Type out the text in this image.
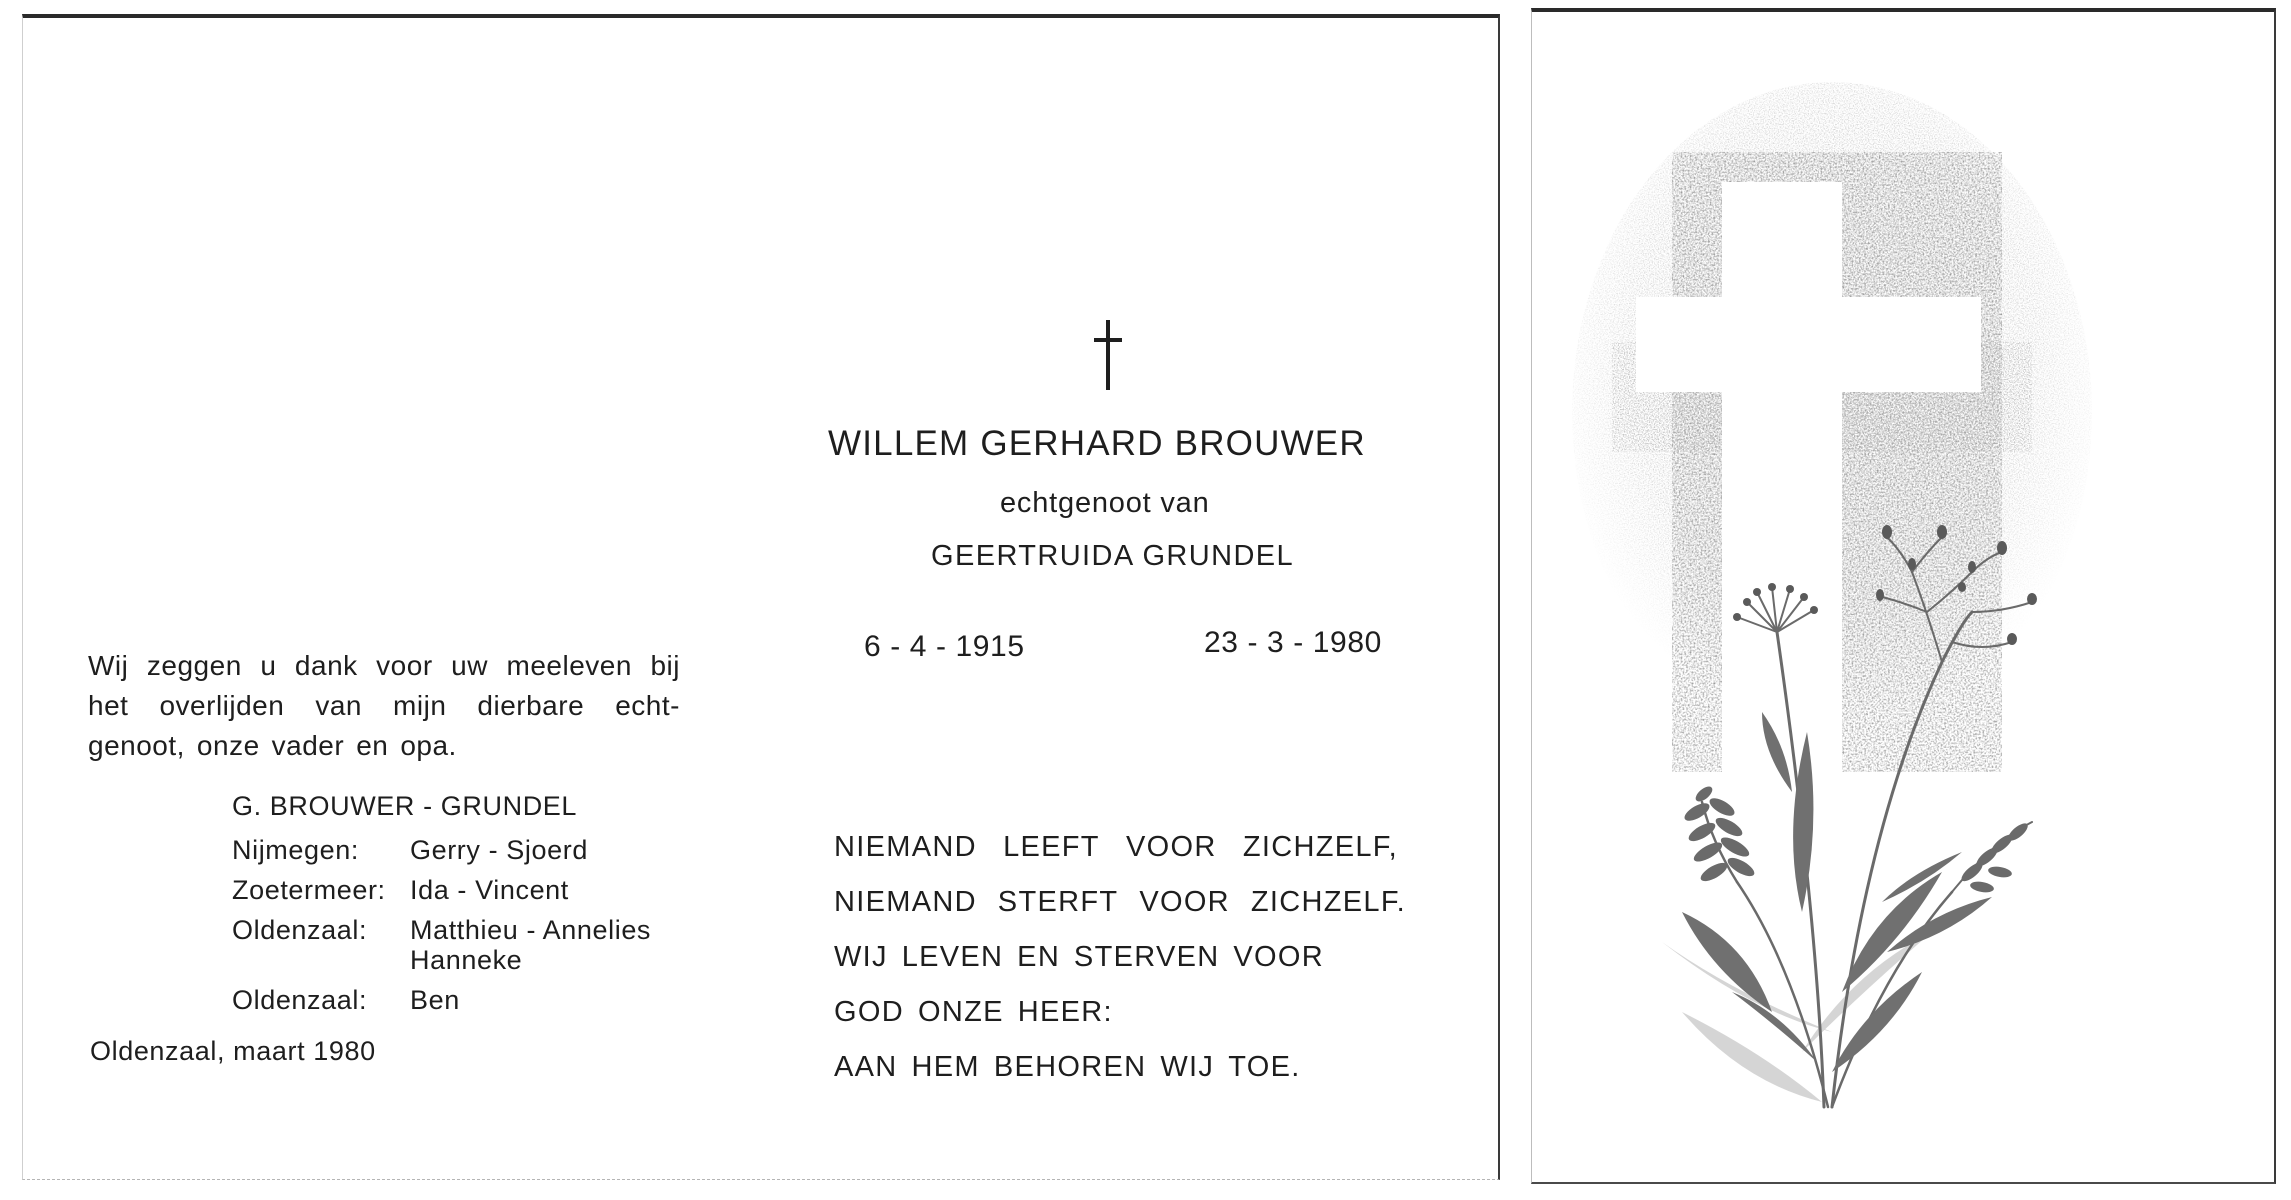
Wij zeggen u dank voor uw meeleven bij
het overlijden van mijn dierbare echt-
genoot, onze vader en opa.
G. BROUWER - GRUNDEL
Nijmegen:	Gerry - Sjoerd
Zoetermeer: Ida - Vincent
Oldenzaal:	Matthieu - Annelies
Hanneke
Oldenzaal:	Ben
Oldenzaal, maart 1980
WILLEM GERHARD BROUWER
echtgenoot van
GEERTRUIDA GRUNDEL
6 - 4 - 1915	23 - 3 - 1980
NIEMAND LEEFT VOOR ZICHZELF,
NIEMAND STERFT VOOR ZICHZELF.
WIJ LEVEN EN STERVEN VOOR
GOD ONZE HEER:
AAN HEM BEHOREN WIJ TOE.
